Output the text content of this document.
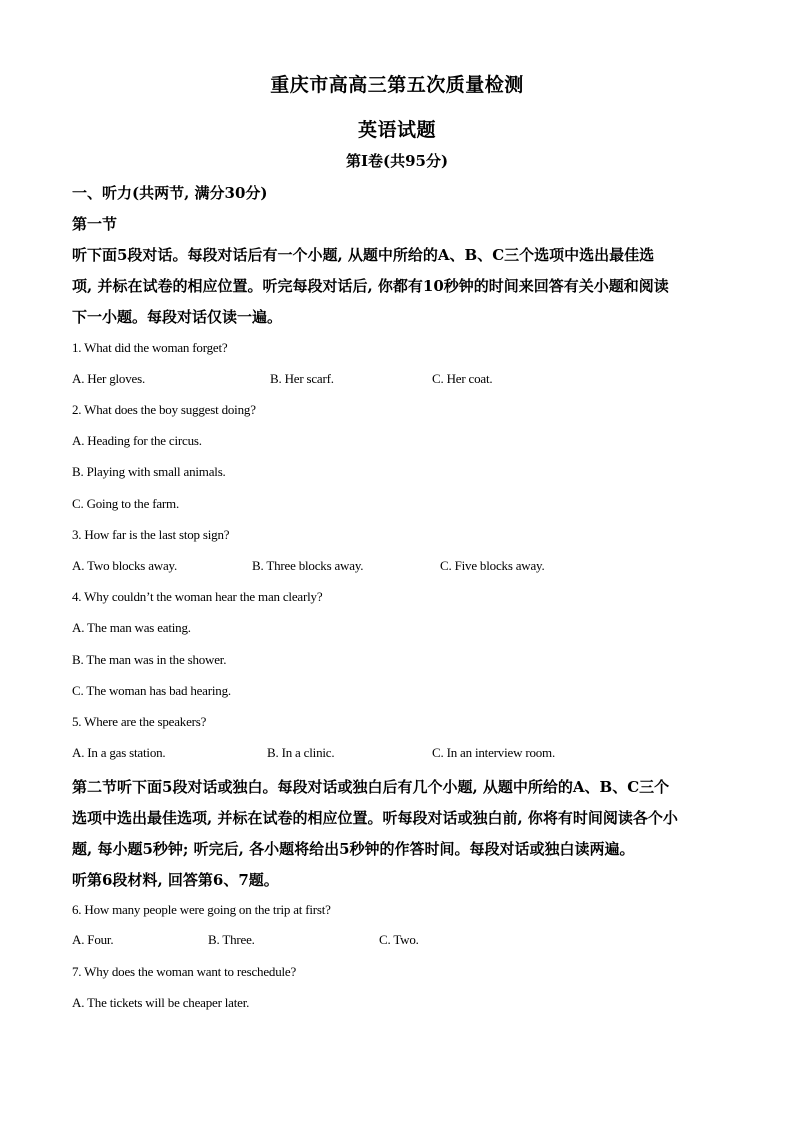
重庆市高高三第五次质量检测
英语试题
第I卷(共95分)
一、听力(共两节, 满分30分)
第一节
听下面5段对话。每段对话后有一个小题, 从题中所给的A、B、C三个选项中选出最佳选
项, 并标在试卷的相应位置。听完每段对话后, 你都有10秒钟的时间来回答有关小题和阅读
下一小题。每段对话仅读一遍。
1. What did the woman forget?
A. Her gloves.	B. Her scarf.	C. Her coat.
2. What does the boy suggest doing?
A. Heading for the circus.
B. Playing with small animals.
C. Going to the farm.
3. How far is the last stop sign?
A. Two blocks away.	B. Three blocks away.	C. Five blocks away.
4. Why couldn’t the woman hear the man clearly?
A. The man was eating.
B. The man was in the shower.
C. The woman has bad hearing.
5. Where are the speakers?
A. In a gas station.	B. In a clinic.	C. In an interview room.
第二节听下面5段对话或独白。每段对话或独白后有几个小题, 从题中所给的A、B、C三个
选项中选出最佳选项, 并标在试卷的相应位置。听每段对话或独白前, 你将有时间阅读各个小
题, 每小题5秒钟; 听完后, 各小题将给出5秒钟的作答时间。每段对话或独白读两遍。
听第6段材料, 回答第6、7题。
6. How many people were going on the trip at first?
A. Four.	B. Three.	C. Two.
7. Why does the woman want to reschedule?
A. The tickets will be cheaper later.
